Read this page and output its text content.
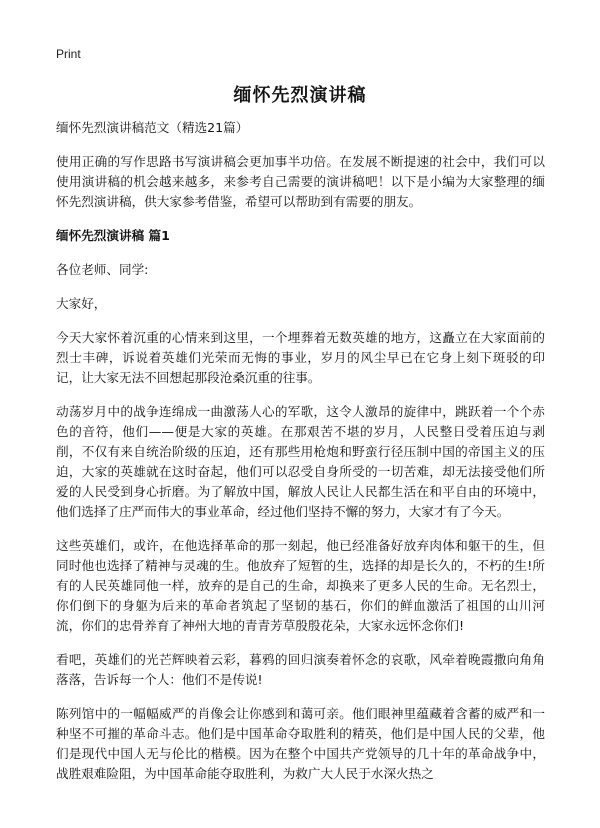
Print
缅怀先烈演讲稿

缅怀先烈演讲稿范文（精选21篇）

使用正确的写作思路书写演讲稿会更加事半功倍。在发展不断提速的社会中，我们可以使用演讲稿的机会越来越多，来参考自己需要的演讲稿吧！以下是小编为大家整理的缅怀先烈演讲稿，供大家参考借鉴，希望可以帮助到有需要的朋友。

缅怀先烈演讲稿 篇1

各位老师、同学:

大家好，

今天大家怀着沉重的心情来到这里，一个埋葬着无数英雄的地方，这矗立在大家面前的烈士丰碑，诉说着英雄们光荣而无悔的事业，岁月的风尘早已在它身上刻下斑驳的印记，让大家无法不回想起那段沧桑沉重的往事。

动荡岁月中的战争连绵成一曲激荡人心的军歌，这令人激昂的旋律中，跳跃着一个个赤色的音符，他们——便是大家的英雄。在那艰苦不堪的岁月，人民整日受着压迫与剥削，不仅有来自统治阶级的压迫，还有那些用枪炮和野蛮行径压制中国的帝国主义的压迫，大家的英雄就在这时奋起，他们可以忍受自身所受的一切苦难，却无法接受他们所爱的人民受到身心折磨。为了解放中国，解放人民让人民都生活在和平自由的环境中，他们选择了庄严而伟大的事业革命，经过他们坚持不懈的努力，大家才有了今天。

这些英雄们，或许，在他选择革命的那一刻起，他已经准备好放弃肉体和躯干的生，但同时他也选择了精神与灵魂的生。他放弃了短暂的生，选择的却是长久的，不朽的生!所有的人民英雄同他一样，放弃的是自己的生命，却换来了更多人民的生命。无名烈士，你们倒下的身躯为后来的革命者筑起了坚韧的基石，你们的鲜血激活了祖国的山川河流，你们的忠骨养育了神州大地的青青芳草殷殷花朵，大家永远怀念你们!

看吧，英雄们的光芒辉映着云彩，暮鸦的回归演奏着怀念的哀歌，风牵着晚霞撒向角角落落，告诉每一个人：他们不是传说!

陈列馆中的一幅幅威严的肖像会让你感到和蔼可亲。他们眼神里蕴藏着含蓄的威严和一种坚不可摧的革命斗志。他们是中国革命夺取胜利的精英，他们是中国人民的父辈，他们是现代中国人无与伦比的楷模。因为在整个中国共产党领导的几十年的革命战争中，战胜艰难险阻，为中国革命能夺取胜利，为救广大人民于水深火热之
